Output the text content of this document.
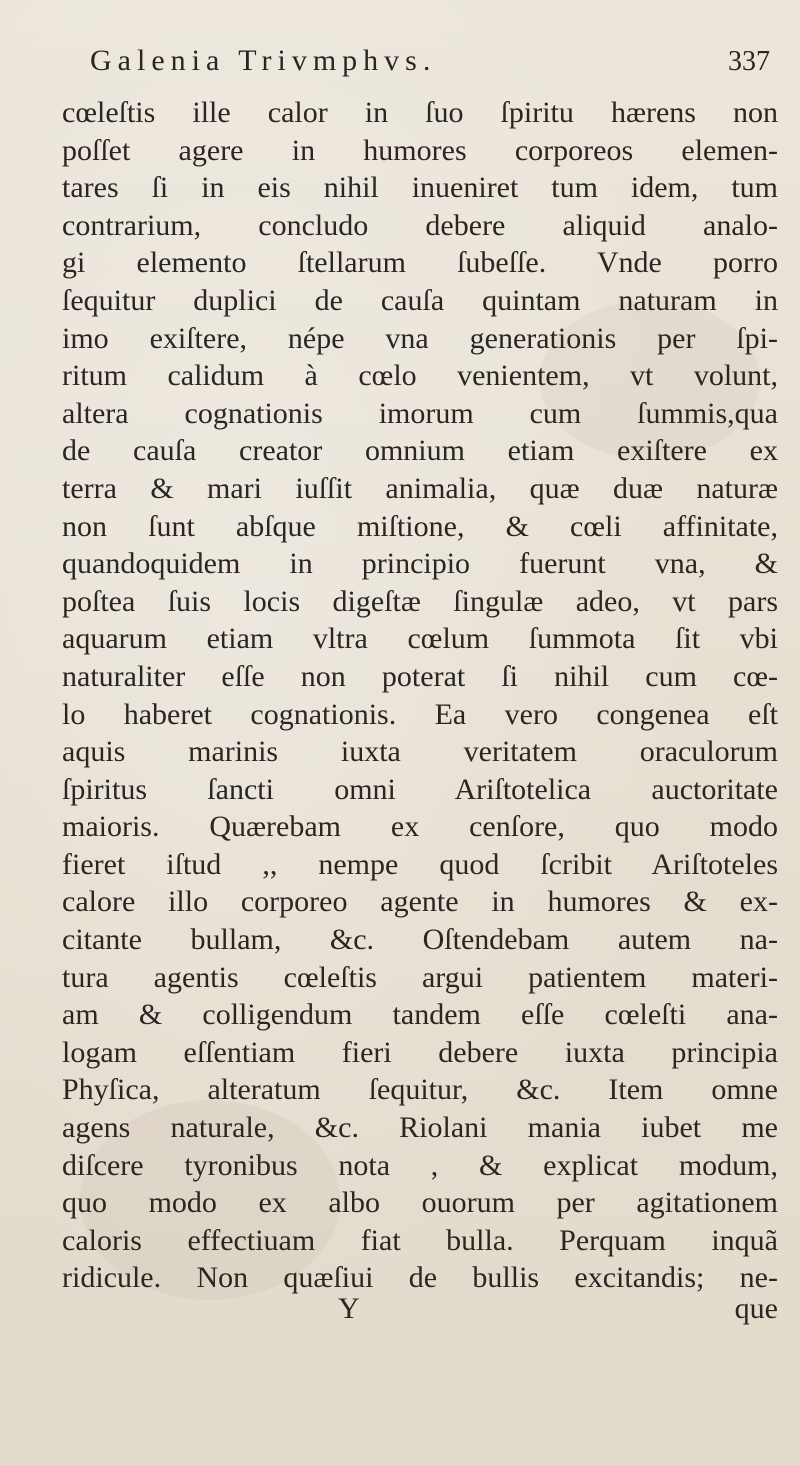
Galenia Trivmphvs.	337
cœleſtis ille calor in ſuo ſpiritu hærens non
poſſet agere in humores corporeos elemen-
tares ſi in eis nihil inueniret tum idem, tum
contrarium, concludo debere aliquid analo-
gi elemento ſtellarum ſubeſſe. Vnde porro
ſequitur duplici de cauſa quintam naturam in
imo exiſtere, népe vna generationis per ſpi-
ritum calidum à cœlo venientem, vt volunt,
altera cognationis imorum cum ſummis,qua
de cauſa creator omnium etiam exiſtere ex
terra & mari iuſſit animalia, quæ duæ naturæ
non ſunt abſque miſtione, & cœli affinitate,
quandoquidem in principio fuerunt vna, &
poſtea ſuis locis digeſtæ ſingulæ adeo, vt pars
aquarum etiam vltra cœlum ſummota ſit vbi
naturaliter eſſe non poterat ſi nihil cum cœ-
lo haberet cognationis. Ea vero congenea eſt
aquis marinis iuxta veritatem oraculorum
ſpiritus ſancti omni Ariſtotelica auctoritate
maioris. Quærebam ex cenſore, quo modo
fieret iſtud ,, nempe quod ſcribit Ariſtoteles
calore illo corporeo agente in humores & ex-
citante bullam, &c. Oſtendebam autem na-
tura agentis cœleſtis argui patientem materi-
am & colligendum tandem eſſe cœleſti ana-
logam eſſentiam fieri debere iuxta principia
Phyſica, alteratum ſequitur, &c. Item omne
agens naturale, &c. Riolani mania iubet me
diſcere tyronibus nota , & explicat modum,
quo modo ex albo ouorum per agitationem
caloris effectiuam fiat bulla. Perquam inquã
ridicule. Non quæſiui de bullis excitandis; ne-
Y	que
